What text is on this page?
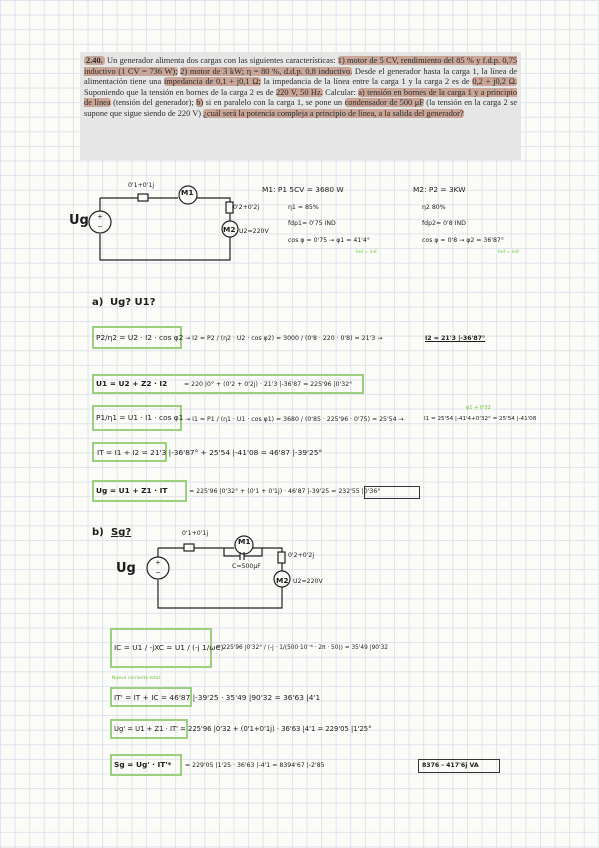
2.40. Un generador alimenta dos cargas con las siguientes características: 1) motor de 5 CV, rendimiento del 85 % y f.d.p. 0,75 inductivo (1 CV = 736 W); 2) motor de 3 kW; η = 80 %, d.d.p. 0,8 inductivo. Desde el generador hasta la carga 1, la línea de alimentación tiene una impedancia de 0,1 + j0,1 Ω; la impedancia de la línea entre la carga 1 y la carga 2 es de 0,2 + j0,2 Ω. Suponiendo que la tensión en bornes de la carga 2 es de 220 V, 50 Hz. Calcular: a) tensión en bornes de la carga 1 y a principio de línea (tensión del generador); b) si en paralelo con la carga 1, se pone un condensador de 500 μF (la tensión en la carga 2 se supone que sigue siendo de 220 V) ¿cuál será la potencia compleja a principio de línea, a la salida del generador?
+
−
0'1+0'1j
M1
M2
0'2+0'2j
U2=220V
Ug
M1: P1 5CV = 3680 W
η1 = 85%
fdp1= 0'75 IND
cos φ = 0'75 → φ1 = 41'4°
Ind = ind
M2: P2 = 3KW
η2 80%
fdp2= 0'8 IND
cos φ = 0'8 → φ2 = 36'87°
Ind = ind
a) Ug? U1?
P2/η2 = U2 · I2 · cos φ2 → I2 = P2 / (η2 · U2 · cos φ2) = 3000 / (0'8 · 220 · 0'8) = 21'3 →	I2 = 21'3 |-36'87°
U1 = U2 + Z2 · I2	= 220 |0° + (0'2 + 0'2j) · 21'3 |-36'87 = 225'96 |0'32°
P1/η1 = U1 · I1 · cos φ1 → I1 = P1 / (η1 · U1 · cos φ1) = 3680 / (0'85 · 225'96 · 0'75) = 25'54 →
φ1 + 0'32
I1 = 25'54 |-41'4+0'32° = 25'54 |-41'08
IT = I1 + I2 = 21'3 |-36'87° + 25'54 |-41'08 = 46'87 |-39'25°
Ug = U1 + Z1 · IT	= 225'96 |0'32° + (0'1 + 0'1j) · 46'87 |-39'25 = 232'55 |0'36°
b) Sg?
+
−
Ug
0'1+0'1j
M1
C=500µF
0'2+0'2j
M2 U2=220V
IC = U1 / -jXC = U1 / (-j 1/ωC)
= 225'96 |0'32° / (-j · 1/(500·10⁻⁶ · 2π · 50)) = 35'49 |90'32
Nueva corriente total
IT' = IT + IC = 46'87 |-39'25 · 35'49 |90'32 = 36'63 |4'1
Ug' = U1 + Z1 · IT' = 225'96 |0'32 + (0'1+0'1j) · 36'63 |4'1 = 229'05 |1'25°
Sg = Ug' · IT'* = 229'05 |1'25 · 36'63 |-4'1 = 8394'67 |-2'85	8376 - 417'6j VA
